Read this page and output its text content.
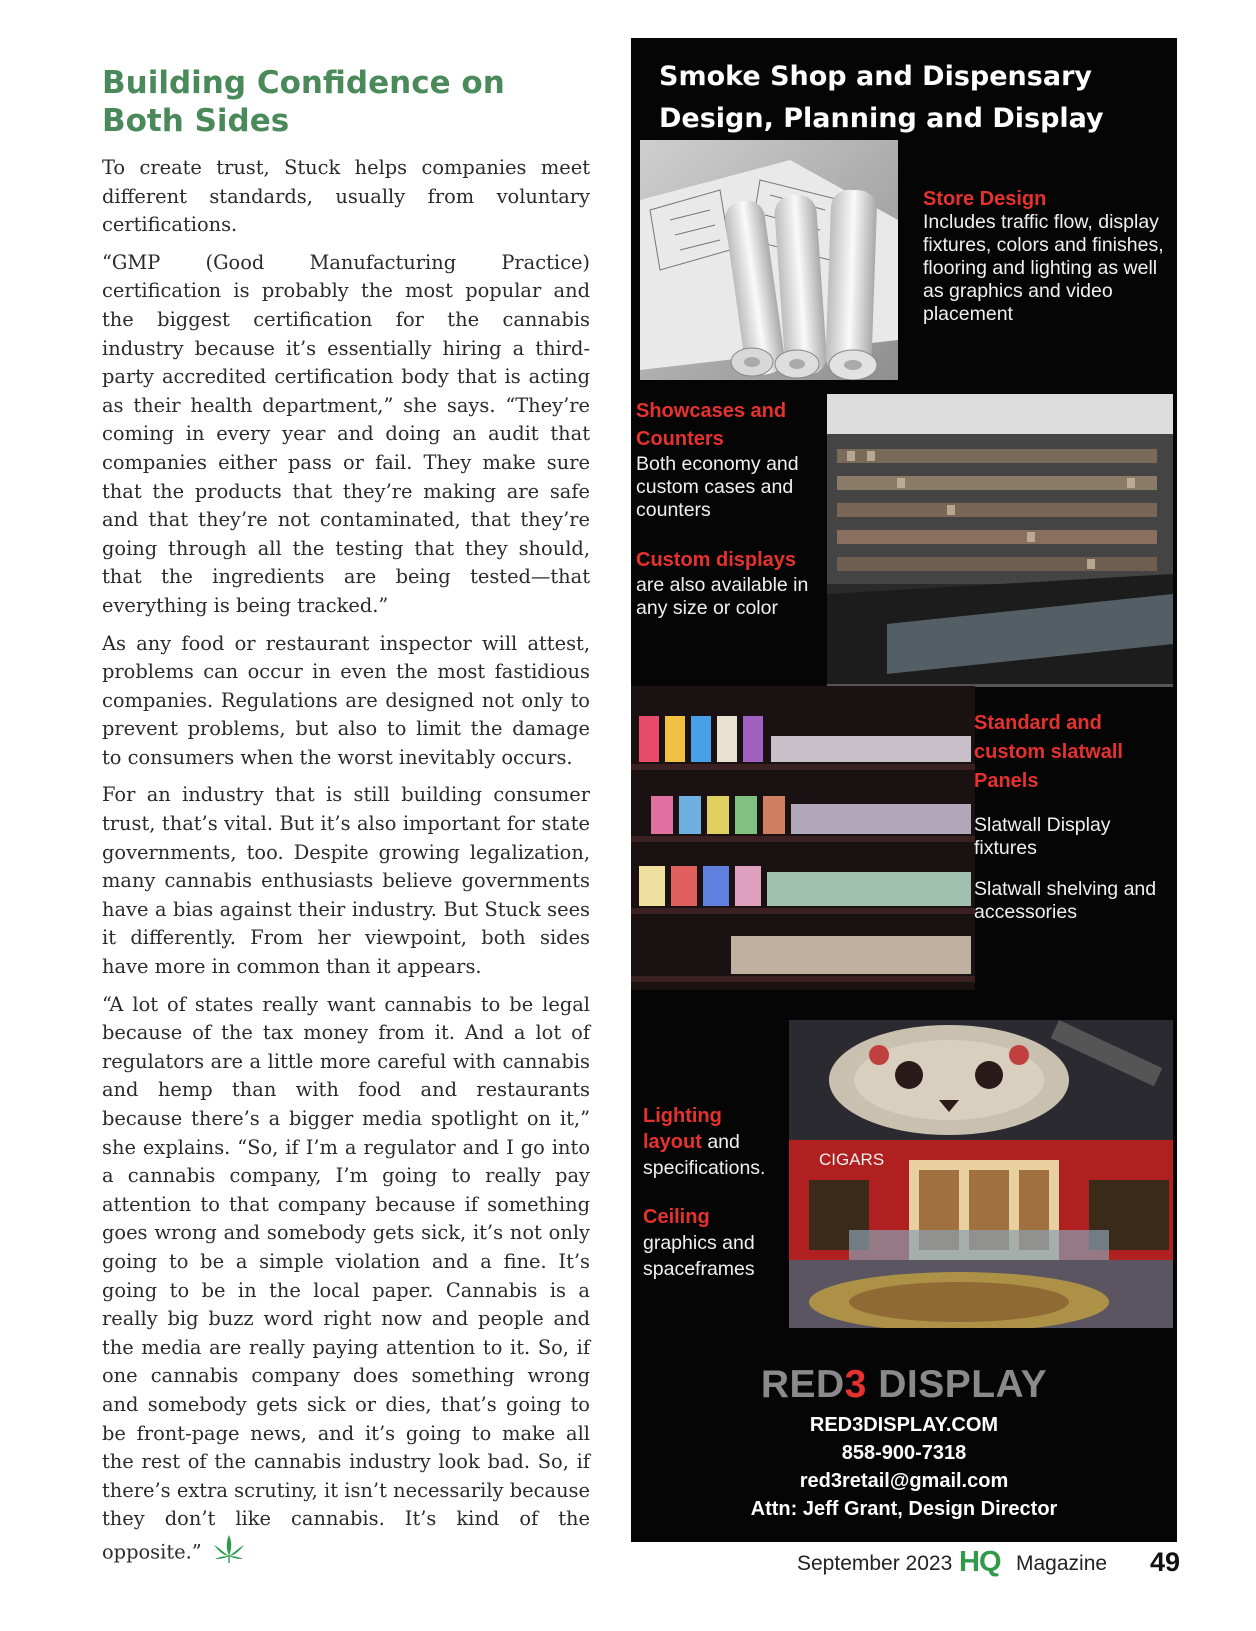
Building Confidence on Both Sides

To create trust, Stuck helps companies meet different standards, usually from voluntary certifications.

“GMP (Good Manufacturing Practice) certification is probably the most popular and the biggest certification for the cannabis industry because it’s essentially hiring a third-party accredited certification body that is acting as their health department,” she says. “They’re coming in every year and doing an audit that companies either pass or fail. They make sure that the products that they’re making are safe and that they’re not contaminated, that they’re going through all the testing that they should, that the ingredients are being tested—that everything is being tracked.”

As any food or restaurant inspector will attest, problems can occur in even the most fastidious companies. Regulations are designed not only to prevent problems, but also to limit the damage to consumers when the worst inevitably occurs.

For an industry that is still building consumer trust, that’s vital. But it’s also important for state governments, too. Despite growing legalization, many cannabis enthusiasts believe governments have a bias against their industry. But Stuck sees it differently. From her viewpoint, both sides have more in common than it appears.

“A lot of states really want cannabis to be legal because of the tax money from it. And a lot of regulators are a little more careful with cannabis and hemp than with food and restaurants because there’s a bigger media spotlight on it,” she explains. “So, if I’m a regulator and I go into a cannabis company, I’m going to really pay attention to that company because if something goes wrong and somebody gets sick, it’s not only going to be a simple violation and a fine. It’s going to be in the local paper. Cannabis is a really big buzz word right now and people and the media are really paying attention to it. So, if one cannabis company does something wrong and somebody gets sick or dies, that’s going to be front-page news, and it’s going to make all the rest of the cannabis industry look bad. So, if there’s extra scrutiny, it isn’t necessarily because they don’t like cannabis. It’s kind of the opposite.”

Smoke Shop and Dispensary
Design, Planning and Display
Store Design
Includes traffic flow, display fixtures, colors and finishes, flooring and lighting as well as graphics and video placement
Showcases and
Counters
Both economy and custom cases and counters
Custom displays
are also available in any size or color
Standard and
custom slatwall
Panels
Slatwall Display fixtures
Slatwall shelving and accessories
CIGARS
Lighting
layout and
specifications.
Ceiling
graphics and spaceframes
RED3 DISPLAY
RED3DISPLAY.COM
858-900-7318
red3retail@gmail.com
Attn: Jeff Grant, Design Director
September 2023 HQ Magazine 49
